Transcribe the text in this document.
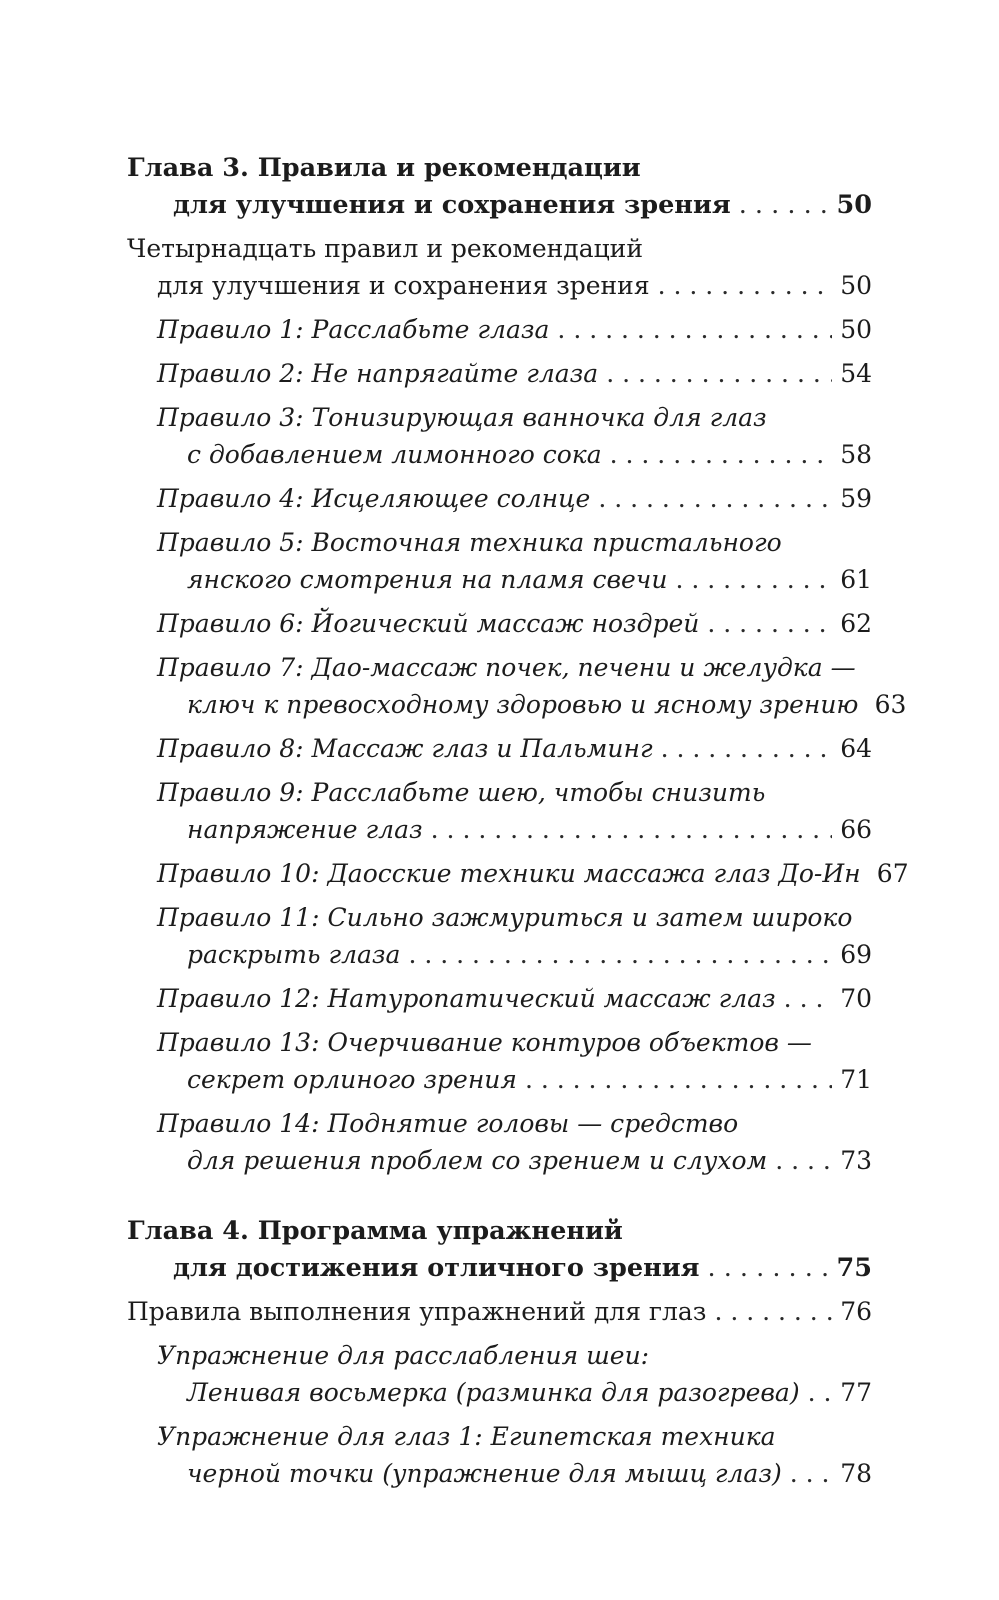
Глава 3. Правила и рекомендации
для улучшения и сохранения зрения . . .	50
Четырнадцать правил и рекомендаций
для улучшения и сохранения зрения . . .	50
Правило 1: Расслабьте глаза . . .	50
Правило 2: Не напрягайте глаза . . .	54
Правило 3: Тонизирующая ванночка для глаз
с добавлением лимонного сока . . .	58
Правило 4: Исцеляющее солнце . . .	59
Правило 5: Восточная техника пристального
янского смотрения на пламя свечи . . .	61
Правило 6: Йогический массаж ноздрей . . .	62
Правило 7: Дао-массаж почек, печени и желудка —
ключ к превосходному здоровью и ясному зрению 63
Правило 8: Массаж глаз и Пальминг . . .	64
Правило 9: Расслабьте шею, чтобы снизить
напряжение глаз . . .	66
Правило 10: Даосские техники массажа глаз До-Ин 67
Правило 11: Сильно зажмуриться и затем широко
раскрыть глаза . . .	69
Правило 12: Натуропатический массаж глаз . . .	70
Правило 13: Очерчивание контуров объектов —
секрет орлиного зрения . . .	71
Правило 14: Поднятие головы — средство
для решения проблем со зрением и слухом . . .	73
Глава 4. Программа упражнений
для достижения отличного зрения . . .	75
Правила выполнения упражнений для глаз . . .	76
Упражнение для расслабления шеи:
Ленивая восьмерка (разминка для разогрева) . . . 77
Упражнение для глаз 1: Египетская техника
черной точки (упражнение для мышц глаз) . . . 78
